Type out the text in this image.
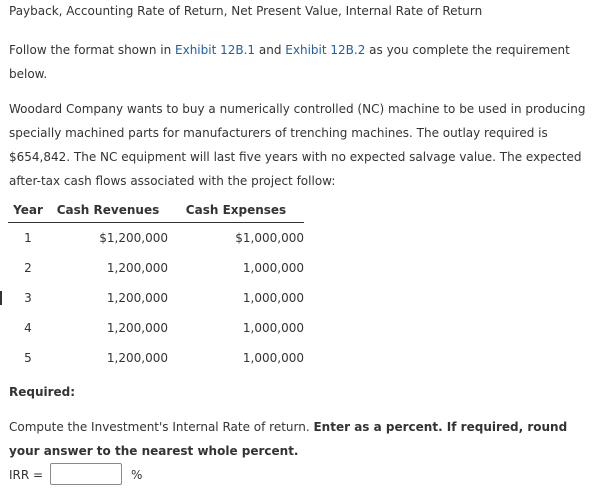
Payback, Accounting Rate of Return, Net Present Value, Internal Rate of Return
Follow the format shown in Exhibit 12B.1 and Exhibit 12B.2 as you complete the requirement below.
Woodard Company wants to buy a numerically controlled (NC) machine to be used in producing specially machined parts for manufacturers of trenching machines. The outlay required is $654,842. The NC equipment will last five years with no expected salvage value. The expected after-tax cash flows associated with the project follow:
Year	Cash Revenues	Cash Expenses
1	$1,200,000	$1,000,000
2	1,200,000	1,000,000
3	1,200,000	1,000,000
4	1,200,000	1,000,000
5	1,200,000	1,000,000
Required:
Compute the Investment's Internal Rate of return. Enter as a percent. If required, round your answer to the nearest whole percent.
IRR =	%
